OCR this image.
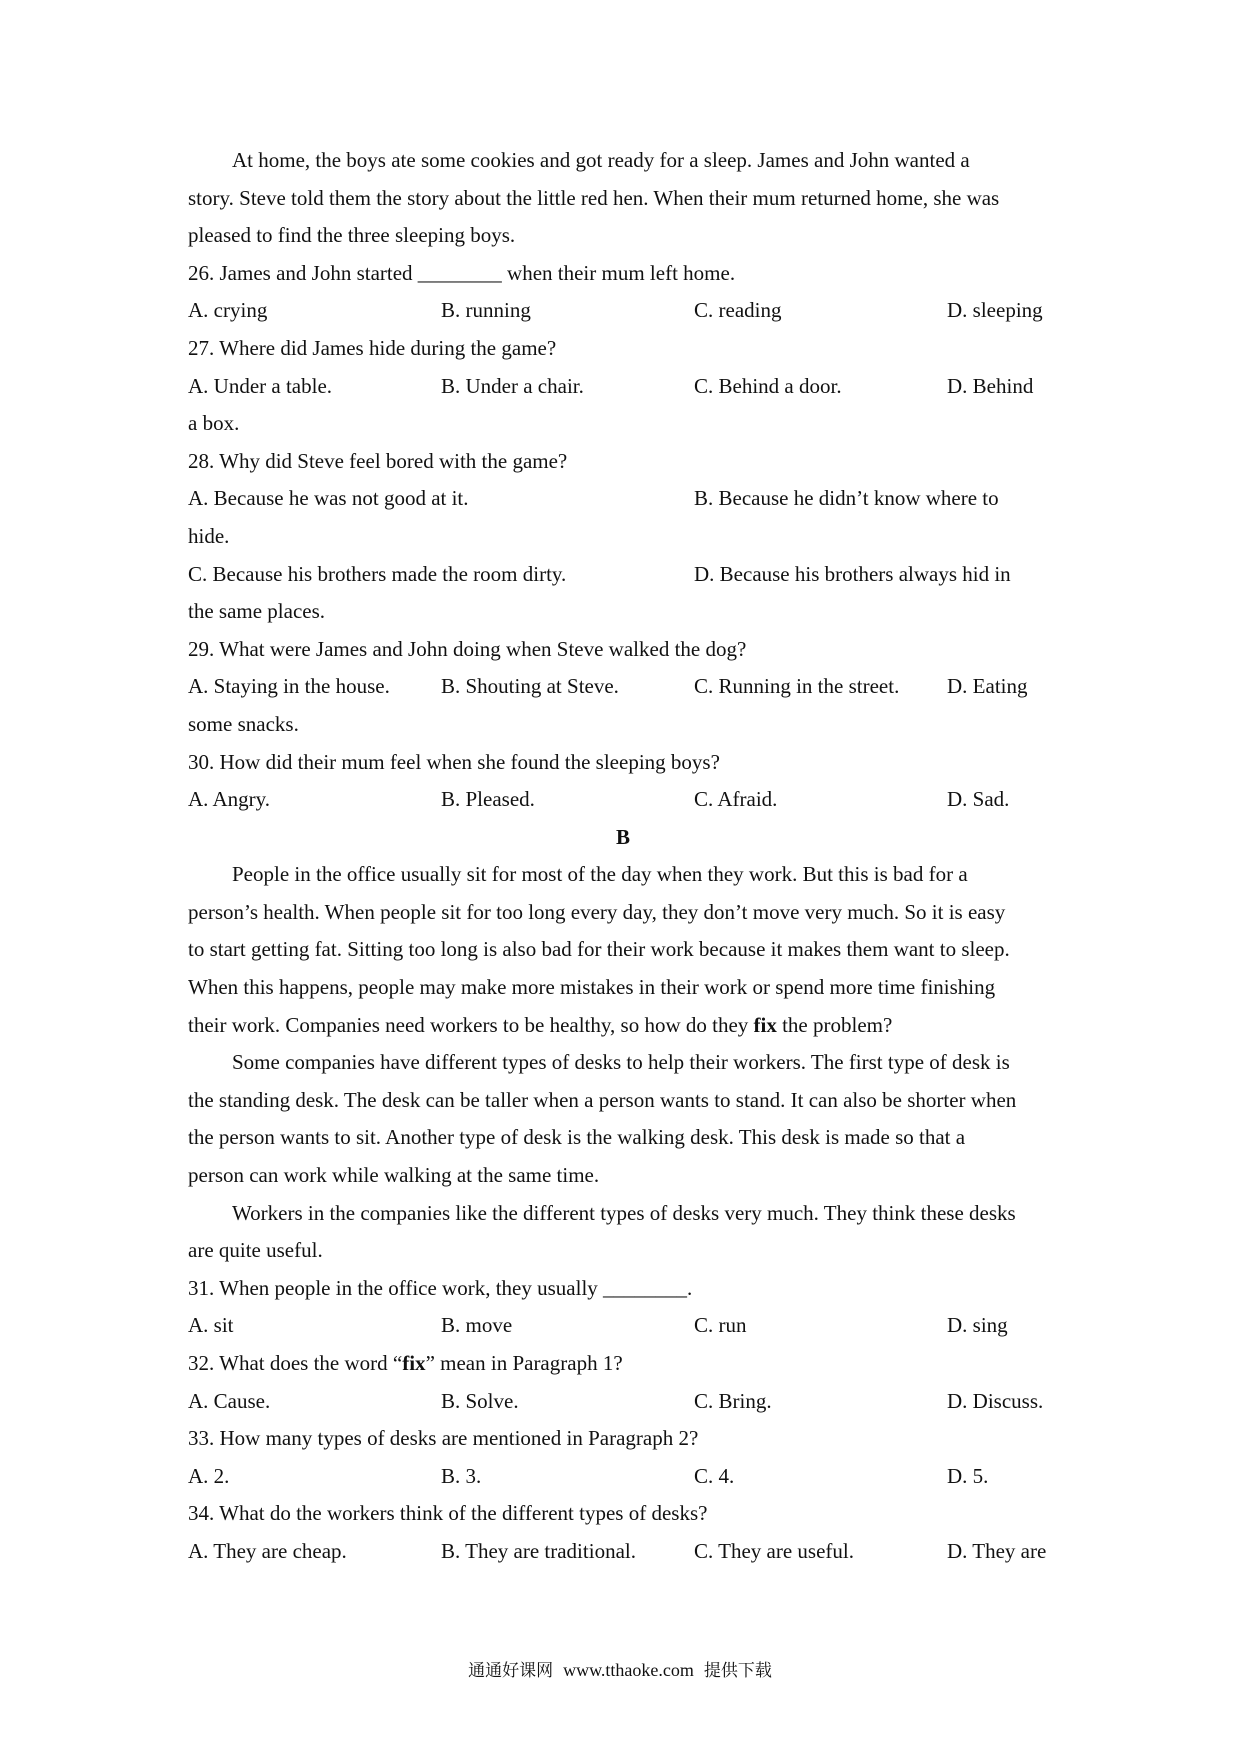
At home, the boys ate some cookies and got ready for a sleep. James and John wanted a
story. Steve told them the story about the little red hen. When their mum returned home, she was
pleased to find the three sleeping boys.
26. James and John started ________ when their mum left home.
A. crying	B. running	C. reading	D. sleeping
27. Where did James hide during the game?
A. Under a table.	B. Under a chair.	C. Behind a door.	D. Behind
a box.
28. Why did Steve feel bored with the game?
A. Because he was not good at it.	B. Because he didn’t know where to
hide.
C. Because his brothers made the room dirty.	D. Because his brothers always hid in
the same places.
29. What were James and John doing when Steve walked the dog?
A. Staying in the house. B. Shouting at Steve.	C. Running in the street. D. Eating
some snacks.
30. How did their mum feel when she found the sleeping boys?
A. Angry.	B. Pleased.	C. Afraid.	D. Sad.
B
People in the office usually sit for most of the day when they work. But this is bad for a
person’s health. When people sit for too long every day, they don’t move very much. So it is easy
to start getting fat. Sitting too long is also bad for their work because it makes them want to sleep.
When this happens, people may make more mistakes in their work or spend more time finishing
their work. Companies need workers to be healthy, so how do they fix the problem?
Some companies have different types of desks to help their workers. The first type of desk is
the standing desk. The desk can be taller when a person wants to stand. It can also be shorter when
the person wants to sit. Another type of desk is the walking desk. This desk is made so that a
person can work while walking at the same time.
Workers in the companies like the different types of desks very much. They think these desks
are quite useful.
31. When people in the office work, they usually ________.
A. sit	B. move	C. run	D. sing
32. What does the word “fix” mean in Paragraph 1?
A. Cause.	B. Solve.	C. Bring.	D. Discuss.
33. How many types of desks are mentioned in Paragraph 2?
A. 2.	B. 3.	C. 4.	D. 5.
34. What do the workers think of the different types of desks?
A. They are cheap.	B. They are traditional.	C. They are useful.	D. They are
通通好课网 www.tthaoke.com 提供下载
